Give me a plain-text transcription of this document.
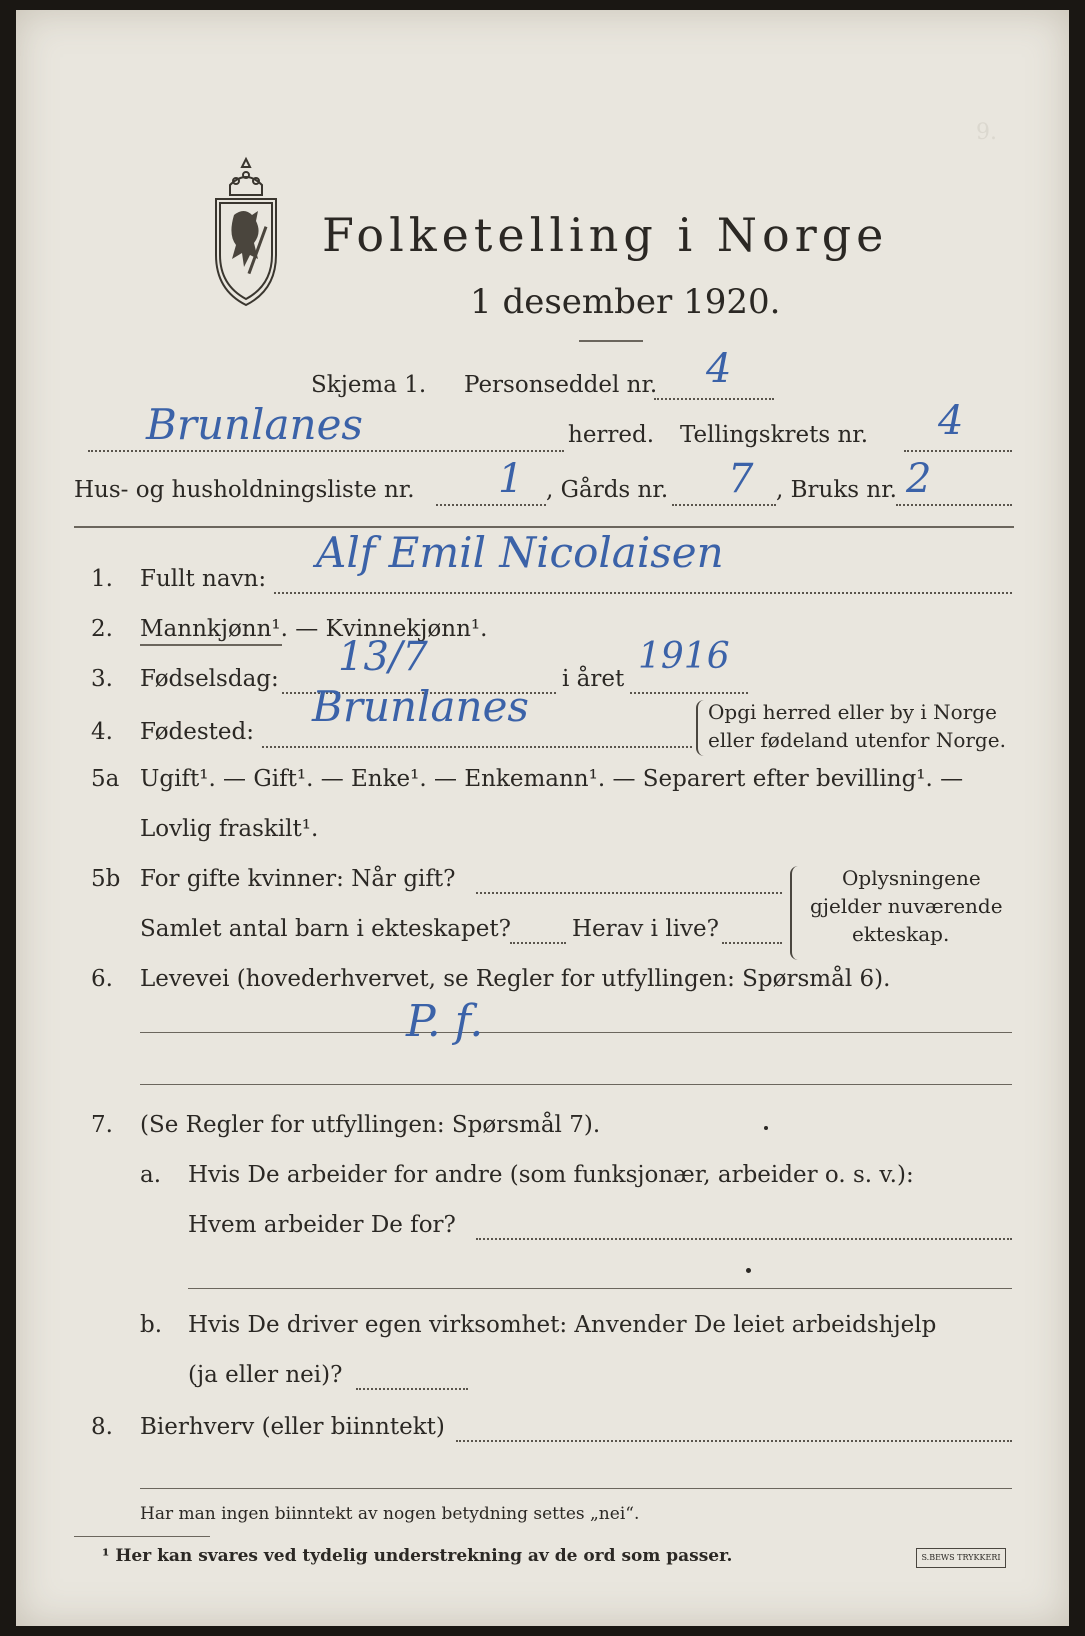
9.
Folketelling i Norge
1 desember 1920.
Skjema 1. Personseddel nr. 4
Brunlanes	herred. Tellingskrets nr. 4
Hus- og husholdningsliste nr. 1 , Gårds nr. 7 , Bruks nr. 2
1. Fullt navn:
Alf Emil Nicolaisen
2. Mannkjønn¹. — Kvinnekjønn¹.
3. Fødselsdag: 13/7	i året
1916
4. Fødested:
Brunlanes	Opgi herred eller by i Norge
eller fødeland utenfor Norge.
5a Ugift¹. — Gift¹. — Enke¹. — Enkemann¹. — Separert efter bevilling¹. —
Lovlig fraskilt¹.
5b For gifte kvinner: Når gift?
Samlet antal barn i ekteskapet?	Herav i live?
Oplysningene
gjelder nuværende
ekteskap.
6. Levevei (hovederhvervet, se Regler for utfyllingen: Spørsmål 6).
P. f.
7. (Se Regler for utfyllingen: Spørsmål 7).
a. Hvis De arbeider for andre (som funksjonær, arbeider o. s. v.):
Hvem arbeider De for?
b. Hvis De driver egen virksomhet: Anvender De leiet arbeidshjelp
(ja eller nei)?
8. Bierhverv (eller biinntekt)
Har man ingen biinntekt av nogen betydning settes „nei“.
¹ Her kan svares ved tydelig understrekning av de ord som passer.	S.BEWS TRYKKERI
